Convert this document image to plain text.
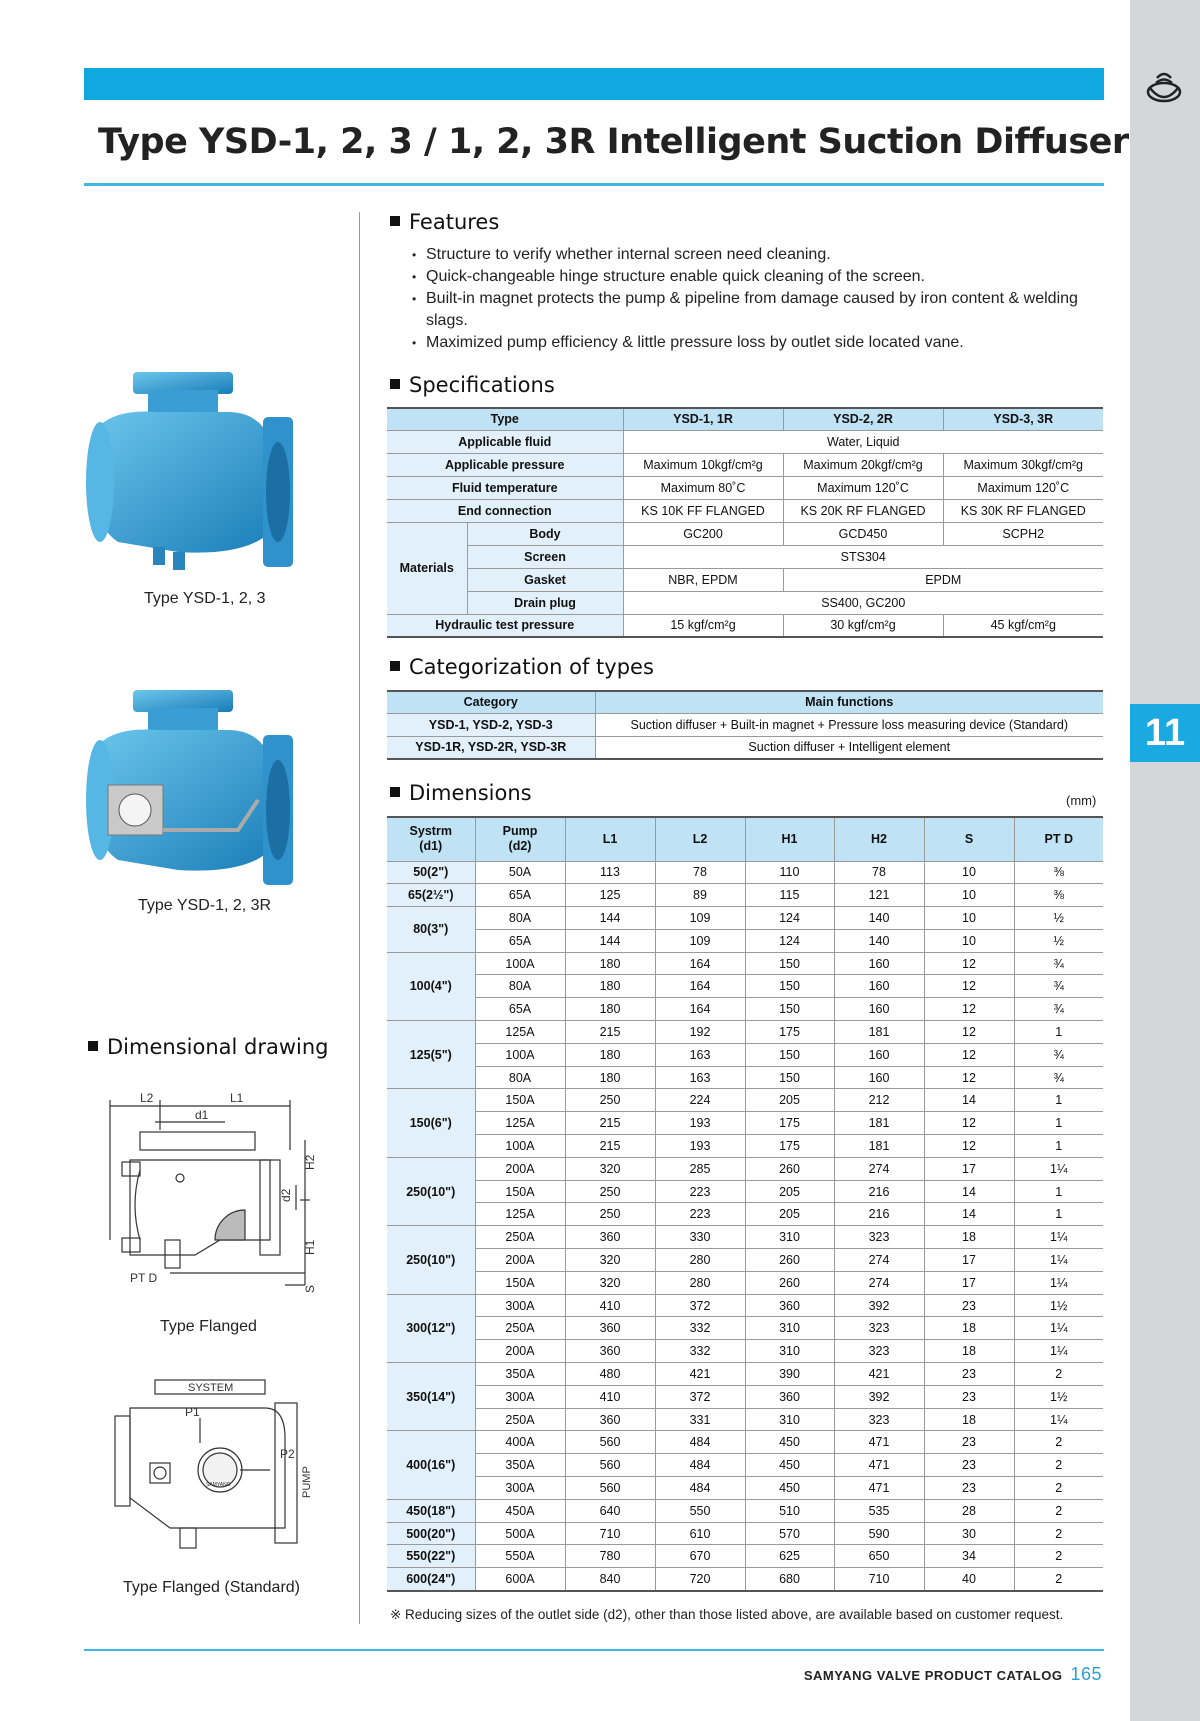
11
Type YSD-1, 2, 3 / 1, 2, 3R Intelligent Suction Diffuser
Type YSD-1, 2, 3
Type YSD-1, 2, 3R
Dimensional drawing
L2	L1
d1
H2
d2
H1
PT D
S
Type Flanged
SYSTEM
P1
P2
PUMP
SAMYANG
Type Flanged (Standard)
Features
• Structure to verify whether internal screen need cleaning.
• Quick-changeable hinge structure enable quick cleaning of the screen.
• Built-in magnet protects the pump & pipeline from damage caused by iron content & welding slags.
• Maximized pump efficiency & little pressure loss by outlet side located vane.
Specifications
Type		YSD-1, 1R	YSD-2, 2R	YSD-3, 3R
Applicable fluid		Water, Liquid		
Applicable pressure		Maximum 10kgf/cm²g	Maximum 20kgf/cm²g	Maximum 30kgf/cm²g
Fluid temperature		Maximum 80˚C	Maximum 120˚C	Maximum 120˚C
End connection		KS 10K FF FLANGED	KS 20K RF FLANGED	KS 30K RF FLANGED
Materials	Body	GC200	GCD450	SCPH2
	Screen	STS304		
	Gasket	NBR, EPDM	EPDM	
	Drain plug	SS400, GC200		
Hydraulic test pressure		15 kgf/cm²g	30 kgf/cm²g	45 kgf/cm²g
Categorization of types
Category	Main functions
YSD-1, YSD-2, YSD-3	Suction diffuser + Built-in magnet + Pressure loss measuring device (Standard)
YSD-1R, YSD-2R, YSD-3R	Suction diffuser + Intelligent element
Dimensions	(mm)
Systrm
(d1)	Pump
(d2)	L1	L2	H1	H2	S	PT D
50(2")	50A	113	78	110	78	10	⅜
65(2½")	65A	125	89	115	121	10	⅜
80(3")	80A	144	109	124	140	10	½
	65A	144	109	124	140	10	½
100(4")	100A	180	164	150	160	12	¾
	80A	180	164	150	160	12	¾
	65A	180	164	150	160	12	¾
125(5")	125A	215	192	175	181	12	1
	100A	180	163	150	160	12	¾
	80A	180	163	150	160	12	¾
150(6")	150A	250	224	205	212	14	1
	125A	215	193	175	181	12	1
	100A	215	193	175	181	12	1
250(10")	200A	320	285	260	274	17	1¼
	150A	250	223	205	216	14	1
	125A	250	223	205	216	14	1
250(10")	250A	360	330	310	323	18	1¼
	200A	320	280	260	274	17	1¼
	150A	320	280	260	274	17	1¼
300(12")	300A	410	372	360	392	23	1½
	250A	360	332	310	323	18	1¼
	200A	360	332	310	323	18	1¼
350(14")	350A	480	421	390	421	23	2
	300A	410	372	360	392	23	1½
	250A	360	331	310	323	18	1¼
400(16")	400A	560	484	450	471	23	2
	350A	560	484	450	471	23	2
	300A	560	484	450	471	23	2
450(18")	450A	640	550	510	535	28	2
500(20")	500A	710	610	570	590	30	2
550(22")	550A	780	670	625	650	34	2
600(24")	600A	840	720	680	710	40	2
※ Reducing sizes of the outlet side (d2), other than those listed above, are available based on customer request.
SAMYANG VALVE PRODUCT CATALOG 165
